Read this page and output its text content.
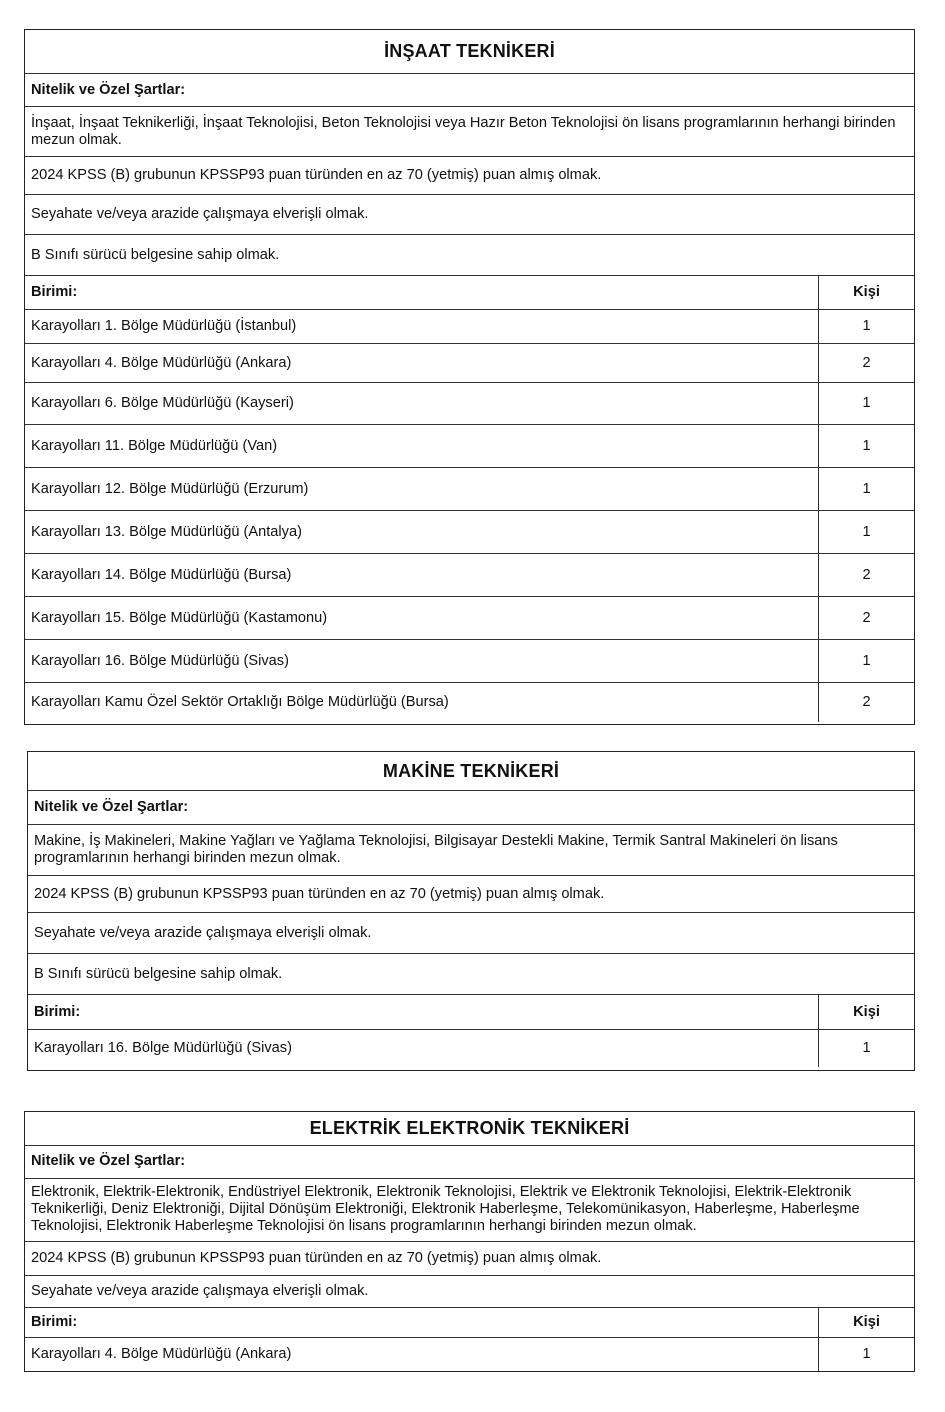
İNŞAAT TEKNİKERİ
Nitelik ve Özel Şartlar:
İnşaat, İnşaat Teknikerliği, İnşaat Teknolojisi, Beton Teknolojisi veya Hazır Beton Teknolojisi ön lisans programlarının herhangi birinden mezun olmak.
2024 KPSS (B) grubunun KPSSP93 puan türünden en az 70 (yetmiş) puan almış olmak.
Seyahate ve/veya arazide çalışmaya elverişli olmak.
B Sınıfı sürücü belgesine sahip olmak.
Birimi:	Kişi
Karayolları 1. Bölge Müdürlüğü (İstanbul)	1
Karayolları 4. Bölge Müdürlüğü (Ankara)	2
Karayolları 6. Bölge Müdürlüğü (Kayseri)	1
Karayolları 11. Bölge Müdürlüğü (Van)	1
Karayolları 12. Bölge Müdürlüğü (Erzurum)	1
Karayolları 13. Bölge Müdürlüğü (Antalya)	1
Karayolları 14. Bölge Müdürlüğü (Bursa)	2
Karayolları 15. Bölge Müdürlüğü (Kastamonu)	2
Karayolları 16. Bölge Müdürlüğü (Sivas)	1
Karayolları Kamu Özel Sektör Ortaklığı Bölge Müdürlüğü (Bursa)	2
MAKİNE TEKNİKERİ
Nitelik ve Özel Şartlar:
Makine, İş Makineleri, Makine Yağları ve Yağlama Teknolojisi, Bilgisayar Destekli Makine, Termik Santral Makineleri ön lisans programlarının herhangi birinden mezun olmak.
2024 KPSS (B) grubunun KPSSP93 puan türünden en az 70 (yetmiş) puan almış olmak.
Seyahate ve/veya arazide çalışmaya elverişli olmak.
B Sınıfı sürücü belgesine sahip olmak.
Birimi:	Kişi
Karayolları 16. Bölge Müdürlüğü (Sivas)	1
ELEKTRİK ELEKTRONİK TEKNİKERİ
Nitelik ve Özel Şartlar:
Elektronik, Elektrik-Elektronik, Endüstriyel Elektronik, Elektronik Teknolojisi, Elektrik ve Elektronik Teknolojisi, Elektrik-Elektronik Teknikerliği, Deniz Elektroniği, Dijital Dönüşüm Elektroniği, Elektronik Haberleşme, Telekomünikasyon, Haberleşme, Haberleşme Teknolojisi, Elektronik Haberleşme Teknolojisi ön lisans programlarının herhangi birinden mezun olmak.
2024 KPSS (B) grubunun KPSSP93 puan türünden en az 70 (yetmiş) puan almış olmak.
Seyahate ve/veya arazide çalışmaya elverişli olmak.
Birimi:	Kişi
Karayolları 4. Bölge Müdürlüğü (Ankara)	1
